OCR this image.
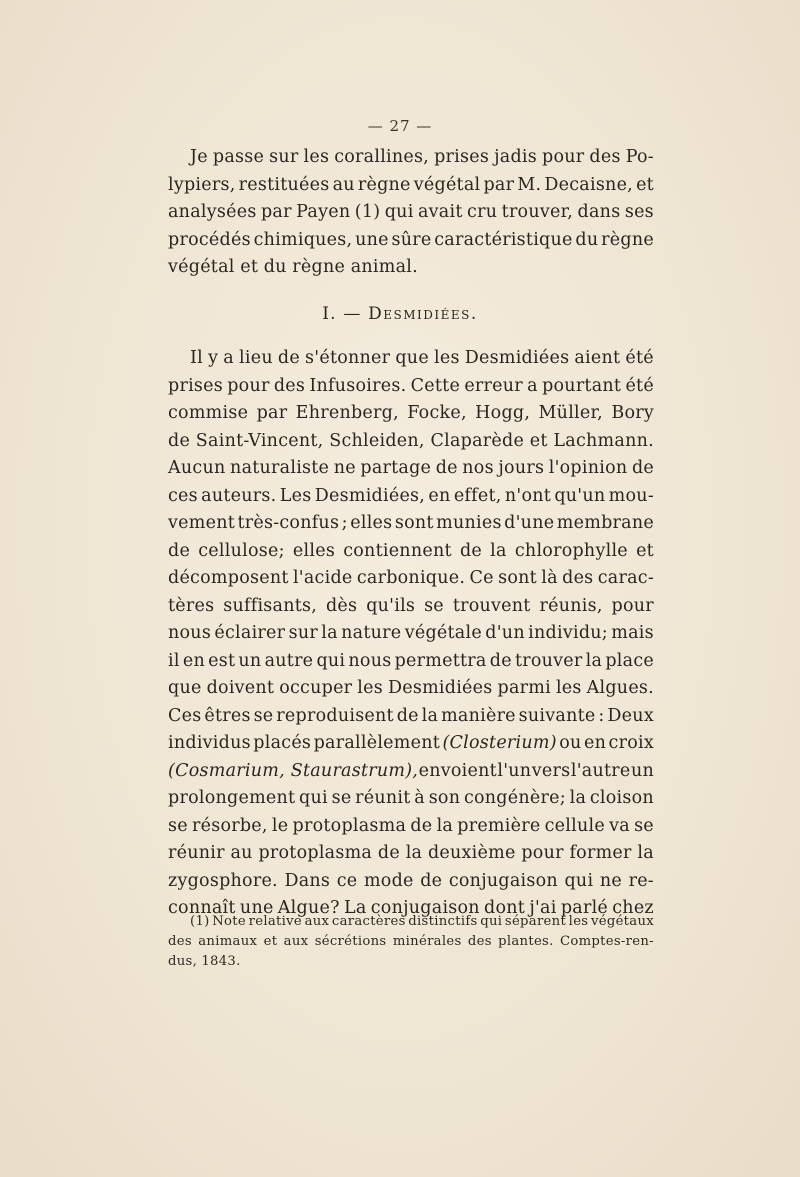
— 27 —
Je passe sur les corallines, prises jadis pour des Po-
lypiers, restituées au règne végétal par M. Decaisne, et
analysées par Payen (1) qui avait cru trouver, dans ses
procédés chimiques, une sûre caractéristique du règne
végétal et du règne animal.
I. — Desmidiées.
Il y a lieu de s'étonner que les Desmidiées aient été
prises pour des Infusoires. Cette erreur a pourtant été
commise par Ehrenberg, Focke, Hogg, Müller, Bory
de Saint-Vincent, Schleiden, Claparède et Lachmann.
Aucun naturaliste ne partage de nos jours l'opinion de
ces auteurs. Les Desmidiées, en effet, n'ont qu'un mou-
vement très-confus ; elles sont munies d'une membrane
de cellulose; elles contiennent de la chlorophylle et
décomposent l'acide carbonique. Ce sont là des carac-
tères suffisants, dès qu'ils se trouvent réunis, pour
nous éclairer sur la nature végétale d'un individu; mais
il en est un autre qui nous permettra de trouver la place
que doivent occuper les Desmidiées parmi les Algues.
Ces êtres se reproduisent de la manière suivante : Deux
individus placés parallèlement (Closterium) ou en croix
(Cosmarium, Staurastrum), envoient l'un vers l'autre un
prolongement qui se réunit à son congénère; la cloison
se résorbe, le protoplasma de la première cellule va se
réunir au protoplasma de la deuxième pour former la
zygosphore. Dans ce mode de conjugaison qui ne re-
connaît une Algue? La conjugaison dont j'ai parlé chez
(1) Note relative aux caractères distinctifs qui séparent les végétaux
des animaux et aux sécrétions minérales des plantes. Comptes-ren-
dus, 1843.
